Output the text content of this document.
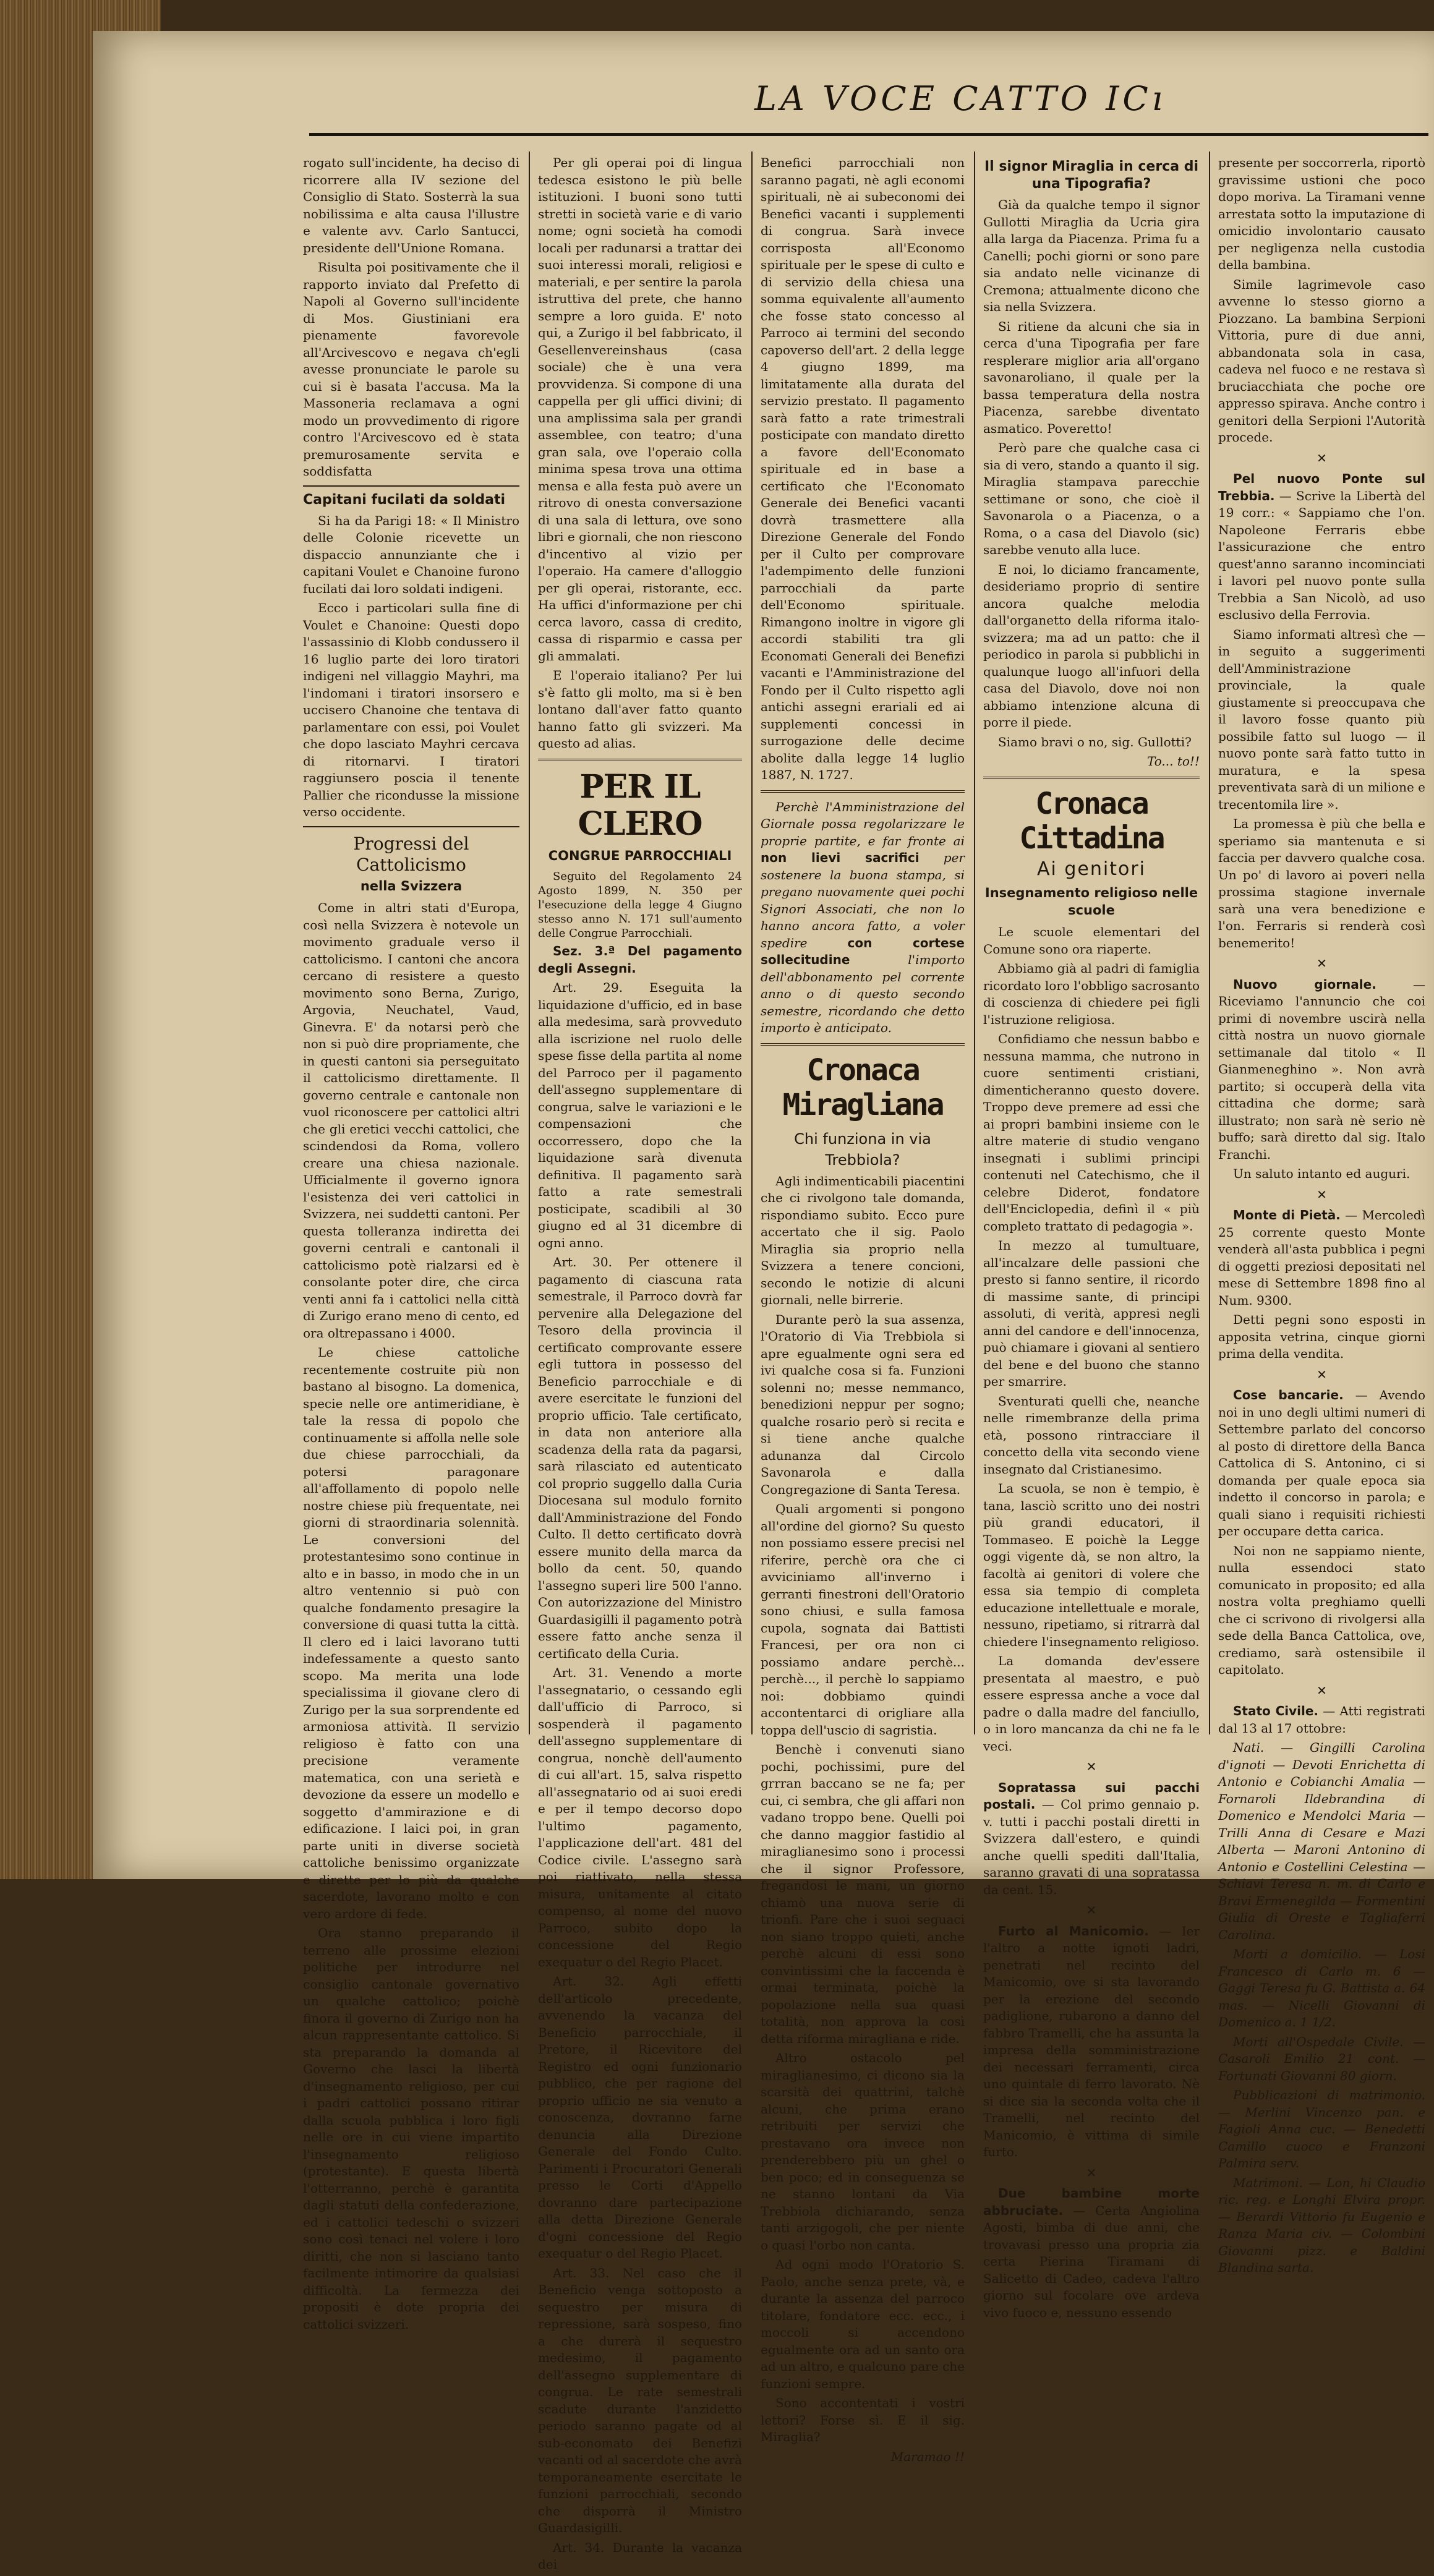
LA VOCE CATTO ICı

rogato sull'incidente, ha deciso di ricorrere alla IV sezione del Consiglio di Stato. Sosterrà la sua nobilissima e alta causa l'illustre e valente avv. Carlo Santucci, presidente dell'Unione Romana.

Risulta poi positivamente che il rapporto inviato dal Prefetto di Napoli al Governo sull'incidente di Mos. Giustiniani era pienamente favorevole all'Arcivescovo e negava ch'egli avesse pronunciate le parole su cui si è basata l'accusa. Ma la Massoneria reclamava a ogni modo un provvedimento di rigore contro l'Arcivescovo ed è stata premurosamente servita e soddisfatta

Capitani fucilati da soldati

Si ha da Parigi 18: « Il Ministro delle Colonie ricevette un dispaccio annunziante che i capitani Voulet e Chanoine furono fucilati dai loro soldati indigeni.

Ecco i particolari sulla fine di Voulet e Chanoine: Questi dopo l'assassinio di Klobb condussero il 16 luglio parte dei loro tiratori indigeni nel villaggio Mayhri, ma l'indomani i tiratori insorsero e uccisero Chanoine che tentava di parlamentare con essi, poi Voulet che dopo lasciato Mayhri cercava di ritornarvi. I tiratori raggiunsero poscia il tenente Pallier che ricondusse la missione verso occidente.

Progressi del Cattolicismo
nella Svizzera

Come in altri stati d'Europa, così nella Svizzera è notevole un movimento graduale verso il cattolicismo. I cantoni che ancora cercano di resistere a questo movimento sono Berna, Zurigo, Argovia, Neuchatel, Vaud, Ginevra. E' da notarsi però che non si può dire propriamente, che in questi cantoni sia perseguitato il cattolicismo direttamente. Il governo centrale e cantonale non vuol riconoscere per cattolici altri che gli eretici vecchi cattolici, che scindendosi da Roma, vollero creare una chiesa nazionale. Ufficialmente il governo ignora l'esistenza dei veri cattolici in Svizzera, nei suddetti cantoni. Per questa tolleranza indiretta dei governi centrali e cantonali il cattolicismo potè rialzarsi ed è consolante poter dire, che circa venti anni fa i cattolici nella città di Zurigo erano meno di cento, ed ora oltrepassano i 4000.

Le chiese cattoliche recentemente costruite più non bastano al bisogno. La domenica, specie nelle ore antimeridiane, è tale la ressa di popolo che continuamente si affolla nelle sole due chiese parrocchiali, da potersi paragonare all'affollamento di popolo nelle nostre chiese più frequentate, nei giorni di straordinaria solennità. Le conversioni del protestantesimo sono continue in alto e in basso, in modo che in un altro ventennio si può con qualche fondamento presagire la conversione di quasi tutta la città. Il clero ed i laici lavorano tutti indefessamente a questo santo scopo. Ma merita una lode specialissima il giovane clero di Zurigo per la sua sorprendente ed armoniosa attività. Il servizio religioso è fatto con una precisione veramente matematica, con una serietà e devozione da essere un modello e soggetto d'ammirazione e di edificazione. I laici poi, in gran parte uniti in diverse società cattoliche benissimo organizzate e dirette per lo più da qualche sacerdote, lavorano molto e con vero ardore di fede.

Ora stanno preparando il terreno alle prossime elezioni politiche per introdurre nel consiglio cantonale governativo un qualche cattolico; poichè finora il governo di Zurigo non ha alcun rappresentante cattolico. Si sta preparando la domanda al Governo che lasci la libertà d'insegnamento religioso, per cui i padri cattolici possano ritirar dalla scuola pubblica i loro figli nelle ore in cui viene impartito l'insegnamento religioso (protestante). E questa libertà l'otterranno, perchè è garantita dagli statuti della confederazione, ed i cattolici tedeschi o svizzeri sono così tenaci nel volere i loro diritti, che non si lasciano tanto facilmente intimorire da qualsiasi difficoltà. La fermezza dei propositi è dote propria dei cattolici svizzeri.

Per gli operai poi di lingua tedesca esistono le più belle istituzioni. I buoni sono tutti stretti in società varie e di vario nome; ogni società ha comodi locali per radunarsi a trattar dei suoi interessi morali, religiosi e materiali, e per sentire la parola istruttiva del prete, che hanno sempre a loro guida. E' noto qui, a Zurigo il bel fabbricato, il Gesellenvereinshaus (casa sociale) che è una vera provvidenza. Si compone di una cappella per gli uffici divini; di una amplissima sala per grandi assemblee, con teatro; d'una gran sala, ove l'operaio colla minima spesa trova una ottima mensa e alla festa può avere un ritrovo di onesta conversazione di una sala di lettura, ove sono libri e giornali, che non riescono d'incentivo al vizio per l'operaio. Ha camere d'alloggio per gli operai, ristorante, ecc. Ha uffici d'informazione per chi cerca lavoro, cassa di credito, cassa di risparmio e cassa per gli ammalati.

E l'operaio italiano? Per lui s'è fatto gli molto, ma si è ben lontano dall'aver fatto quanto hanno fatto gli svizzeri. Ma questo ad alias.

PER IL CLERO
CONGRUE PARROCCHIALI

Seguito del Regolamento 24 Agosto 1899, N. 350 per l'esecuzione della legge 4 Giugno stesso anno N. 171 sull'aumento delle Congrue Parrocchiali.

Sez. 3.ª Del pagamento degli Assegni.

Art. 29. Eseguita la liquidazione d'ufficio, ed in base alla medesima, sarà provveduto alla iscrizione nel ruolo delle spese fisse della partita al nome del Parroco per il pagamento dell'assegno supplementare di congrua, salve le variazioni e le compensazioni che occorressero, dopo che la liquidazione sarà divenuta definitiva. Il pagamento sarà fatto a rate semestrali posticipate, scadibili al 30 giugno ed al 31 dicembre di ogni anno.

Art. 30. Per ottenere il pagamento di ciascuna rata semestrale, il Parroco dovrà far pervenire alla Delegazione del Tesoro della provincia il certificato comprovante essere egli tuttora in possesso del Beneficio parrocchiale e di avere esercitate le funzioni del proprio ufficio. Tale certificato, in data non anteriore alla scadenza della rata da pagarsi, sarà rilasciato ed autenticato col proprio suggello dalla Curia Diocesana sul modulo fornito dall'Amministrazione del Fondo Culto. Il detto certificato dovrà essere munito della marca da bollo da cent. 50, quando l'assegno superi lire 500 l'anno. Con autorizzazione del Ministro Guardasigilli il pagamento potrà essere fatto anche senza il certificato della Curia.

Art. 31. Venendo a morte l'assegnatario, o cessando egli dall'ufficio di Parroco, si sospenderà il pagamento dell'assegno supplementare di congrua, nonchè dell'aumento di cui all'art. 15, salva rispetto all'assegnatario od ai suoi eredi e per il tempo decorso dopo l'ultimo pagamento, l'applicazione dell'art. 481 del Codice civile. L'assegno sarà poi riattivato, nella stessa misura, unitamente al citato compenso, al nome del nuovo Parroco, subito dopo la concessione del Regio exequatur o del Regio Placet.

Art. 32. Agli effetti dell'articolo precedente, avvenendo la vacanza del Beneficio parrocchiale, il Pretore, il Ricevitore del Registro ed ogni funzionario pubblico, che per ragione del proprio ufficio ne sia venuto a conoscenza, dovranno farne denuncia alla Direzione Generale del Fondo Culto. Parimenti i Procuratori Generali presso le Corti d'Appello dovranno dare partecipazione alla detta Direzione Generale d'ogni concessione del Regio exequatur o del Regio Placet.

Art. 33. Nel caso che il Beneficio venga sottoposto a sequestro per misura di repressione, sarà sospeso, fino a che durerà il sequestro medesimo, il pagamento dell'assegno supplementare di congrua. Le rate semestrali scadute durante l'anzidetto periodo saranno pagate od al sub-economato dei Benefizi vacanti od al sacerdote che avrà temporaneamente esercitate le funzioni parrocchiali, secondo che disporrà il Ministro Guardasigilli.

Art. 34. Durante la vacanza dei

Benefici parrocchiali non saranno pagati, nè agli economi spirituali, nè ai subeconomi dei Benefici vacanti i supplementi di congrua. Sarà invece corrisposta all'Economo spirituale per le spese di culto e di servizio della chiesa una somma equivalente all'aumento che fosse stato concesso al Parroco ai termini del secondo capoverso dell'art. 2 della legge 4 giugno 1899, ma limitatamente alla durata del servizio prestato. Il pagamento sarà fatto a rate trimestrali posticipate con mandato diretto a favore dell'Economato spirituale ed in base a certificato che l'Economato Generale dei Benefici vacanti dovrà trasmettere alla Direzione Generale del Fondo per il Culto per comprovare l'adempimento delle funzioni parrocchiali da parte dell'Economo spirituale. Rimangono inoltre in vigore gli accordi stabiliti tra gli Economati Generali dei Benefizi vacanti e l'Amministrazione del Fondo per il Culto rispetto agli antichi assegni erariali ed ai supplementi concessi in surrogazione delle decime abolite dalla legge 14 luglio 1887, N. 1727.

Perchè l'Amministrazione del Giornale possa regolarizzare le proprie partite, e far fronte ai non lievi sacrifici per sostenere la buona stampa, si pregano nuovamente quei pochi Signori Associati, che non lo hanno ancora fatto, a voler spedire	con cortese sollecitudine	l'importo dell'abbonamento pel corrente anno o di questo secondo semestre, ricordando che detto importo è anticipato.

Cronaca Miragliana
Chi funziona in via Trebbiola?

Agli indimenticabili piacentini che ci rivolgono tale domanda, rispondiamo subito. Ecco pure accertato che il sig. Paolo Miraglia sia proprio nella Svizzera a tenere concioni, secondo le notizie di alcuni giornali, nelle birrerie.

Durante però la sua assenza, l'Oratorio di Via Trebbiola si apre egualmente ogni sera ed ivi qualche cosa si fa. Funzioni solenni no; messe nemmanco, benedizioni neppur per sogno; qualche rosario però si recita e si tiene anche qualche adunanza dal Circolo Savonarola e dalla Congregazione di Santa Teresa.

Quali argomenti si pongono all'ordine del giorno? Su questo non possiamo essere precisi nel riferire, perchè ora che ci avviciniamo all'inverno i gerranti finestroni dell'Oratorio sono chiusi, e sulla famosa cupola, sognata dai Battisti Francesi, per ora non ci possiamo andare perchè... perchè..., il perchè lo sappiamo noi: dobbiamo quindi accontentarci di origliare alla toppa dell'uscio di sagristia.

Benchè i convenuti siano pochi, pochissimi, pure del grrran baccano se ne fa; per cui, ci sembra, che gli affari non vadano troppo bene. Quelli poi che danno maggior fastidio al miraglianesimo sono i processi che il signor Professore, fregandosi le mani, un giorno chiamò una nuova serie di trionfi. Pare che i suoi seguaci non siano troppo quieti, anche perchè alcuni di essi sono convintissimi che la faccenda è ormai terminata, poichè la popolazione nella sua quasi totalità, non approva la così detta riforma miragliana e ride.

Altro ostacolo pel miraglianesimo, ci dicono sia la scarsità dei quattrini, talchè alcuni, che prima erano retribuiti per servizi che prestavano ora invece non prenderebbero più un ghel o ben poco; ed in conseguenza se ne stanno lontani da Via Trebbiola dichiarando, senza tanti arzigogoli, che per niente o quasi l'orbo non canta.

Ad ogni modo l'Oratorio S. Paolo, anche senza prete, và, e durante la assenza del parroco titolare, fondatore ecc. ecc., i moccoli si accendono egualmente ora ad un santo ora ad un altro, e qualcuno pare che funzioni sempre.

Sono accontentati i vostri lettori? Forse sì. E il sig. Miraglia?

Maramao !!
Il signor Miraglia in cerca di una Tipografia?

Già da qualche tempo il signor Gullotti Miraglia da Ucria gira alla larga da Piacenza. Prima fu a Canelli; pochi giorni or sono pare sia andato nelle vicinanze di Cremona; attualmente dicono che sia nella Svizzera.

Si ritiene da alcuni che sia in cerca d'una Tipografia per fare resplerare miglior aria all'organo savonaroliano, il quale per la bassa temperatura della nostra Piacenza, sarebbe diventato asmatico. Poveretto!

Però pare che qualche casa ci sia di vero, stando a quanto il sig. Miraglia stampava parecchie settimane or sono, che cioè il Savonarola o a Piacenza, o a Roma, o a casa del Diavolo (sic) sarebbe venuto alla luce.

E noi, lo diciamo francamente, desideriamo proprio di sentire ancora qualche melodia dall'organetto della riforma italo-svizzera; ma ad un patto: che il periodico in parola si pubblichi in qualunque luogo all'infuori della casa del Diavolo, dove noi non abbiamo intenzione alcuna di porre il piede.

Siamo bravi o no, sig. Gullotti?

To... to!!
Cronaca Cittadina
Ai genitori
Insegnamento religioso nelle scuole

Le scuole elementari del Comune sono ora riaperte.

Abbiamo già al padri di famiglia ricordato loro l'obbligo sacrosanto di coscienza di chiedere pei figli l'istruzione religiosa.

Confidiamo che nessun babbo e nessuna mamma, che nutrono in cuore sentimenti cristiani, dimenticheranno questo dovere. Troppo deve premere ad essi che ai propri bambini insieme con le altre materie di studio vengano insegnati i sublimi principi contenuti nel Catechismo, che il celebre Diderot, fondatore dell'Enciclopedia, definì il « più completo trattato di pedagogia ».

In mezzo al tumultuare, all'incalzare delle passioni che presto si fanno sentire, il ricordo di massime sante, di principi assoluti, di verità, appresi negli anni del candore e dell'innocenza, può chiamare i giovani al sentiero del bene e del buono che stanno per smarrire.

Sventurati quelli che, neanche nelle rimembranze della prima età, possono rintracciare il concetto della vita secondo viene insegnato dal Cristianesimo.

La scuola, se non è tempio, è tana, lasciò scritto uno dei nostri più grandi educatori, il Tommaseo. E poichè la Legge oggi vigente dà, se non altro, la facoltà ai genitori di volere che essa sia tempio di completa educazione intellettuale e morale, nessuno, ripetiamo, si ritrarrà dal chiedere l'insegnamento religioso.

La domanda dev'essere presentata al maestro, e può essere espressa anche a voce dal padre o dalla madre del fanciullo, o in loro mancanza da chi ne fa le veci.

✕

Sopratassa sui pacchi postali. — Col primo gennaio p. v. tutti i pacchi postali diretti in Svizzera dall'estero, e quindi anche quelli spediti dall'Italia, saranno gravati di una sopratassa da cent. 15.

✕

Furto al Manicomio. — Ier l'altro a notte ignoti ladri, penetrati nel recinto del Manicomio, ove si sta lavorando per la erezione del secondo padiglione, rubarono a danno del fabbro Tramelli, che ha assunta la impresa della somministrazione dei necessari ferramenti, circa uno quintale di ferro lavorato. Nè si dice sia la seconda volta che il Tramelli, nel recinto del Manicomio, è vittima di simile furto.

✕

Due bambine morte abbruciate. — Certa Angiolina Agosti, bimba di due anni, che trovavasi presso una propria zia certa Pierina Tiramani di Salicetto di Cadeo, cadeva l'altro giorno sul focolare ove ardeva vivo fuoco e, nessuno essendo

presente per soccorrerla, riportò gravissime ustioni che poco dopo moriva. La Tiramani venne arrestata sotto la imputazione di omicidio involontario causato per negligenza nella custodia della bambina.

Simile lagrimevole caso avvenne lo stesso giorno a Piozzano. La bambina Serpioni Vittoria, pure di due anni, abbandonata sola in casa, cadeva nel fuoco e ne restava sì bruciacchiata che poche ore appresso spirava. Anche contro i genitori della Serpioni l'Autorità procede.

✕

Pel nuovo Ponte sul Trebbia. — Scrive la Libertà del 19 corr.: « Sappiamo che l'on. Napoleone Ferraris ebbe l'assicurazione che entro quest'anno saranno incominciati i lavori pel nuovo ponte sulla Trebbia a San Nicolò, ad uso esclusivo della Ferrovia.

Siamo informati altresì che — in seguito a suggerimenti dell'Amministrazione provinciale, la quale giustamente si preoccupava che il lavoro fosse quanto più possibile fatto sul luogo — il nuovo ponte sarà fatto tutto in muratura, e la spesa preventivata sarà di un milione e trecentomila lire ».

La promessa è più che bella e speriamo sia mantenuta e si faccia per davvero qualche cosa. Un po' di lavoro ai poveri nella prossima stagione invernale sarà una vera benedizione e l'on. Ferraris si renderà così benemerito!

✕

Nuovo giornale.	— Riceviamo l'annuncio che coi primi di novembre uscirà nella città nostra un nuovo giornale settimanale dal titolo « Il Gianmeneghino ». Non avrà partito; si occuperà della vita cittadina che dorme; sarà illustrato; non sarà nè serio nè buffo; sarà diretto dal sig. Italo Franchi.

Un saluto intanto ed auguri.

✕

Monte di Pietà. — Mercoledì 25 corrente questo Monte venderà all'asta pubblica i pegni di oggetti preziosi depositati nel mese di Settembre 1898 fino al Num. 9300.

Detti pegni sono esposti in apposita vetrina, cinque giorni prima della vendita.

✕

Cose bancarie. — Avendo noi in uno degli ultimi numeri di Settembre parlato del concorso al posto di direttore della Banca Cattolica di S. Antonino, ci si domanda per quale epoca sia indetto il concorso in parola; e quali siano i requisiti richiesti per occupare detta carica.

Noi non ne sappiamo niente, nulla essendoci stato comunicato in proposito; ed alla nostra volta preghiamo quelli che ci scrivono di rivolgersi alla sede della Banca Cattolica, ove, crediamo, sarà ostensibile il capitolato.

✕

Stato Civile. — Atti registrati dal 13 al 17 ottobre:

Nati. — Gingilli Carolina d'ignoti — Devoti Enrichetta di Antonio e Cobianchi Amalia — Fornaroli Ildebrandina di Domenico e Mendolci Maria — Trilli Anna di Cesare e Mazi Alberta — Maroni Antonino di Antonio e Costellini Celestina — Schiavi Teresa n. m. di Carlo e Bravi Ermenegilda — Formentini Giulia di Oreste e Tagliaferri Carolina.

Morti a domicilio. — Losi Francesco di Carlo m. 6 — Gaggi Teresa fu G. Battista a. 64 mas. — Nicelli Giovanni di Domenico a. 1 1/2.

Morti all'Ospedale Civile. — Casaroli Emilio 21 cont. — Fortunati Giovanni 80 giorn.

Pubblicazioni di matrimonio. — Merlini Vincenzo pan. e Fagioli Anna cuc. — Benedetti Camillo cuoco e Franzoni Palmira serv.

Matrimoni. — Lon, hi Claudio ric. reg. e Longhi Elvira propr. — Berardi Vittorio fu Eugenio e Ranza Maria civ. — Colombini Giovanni pizz. e Baldini Blandina sarta.
